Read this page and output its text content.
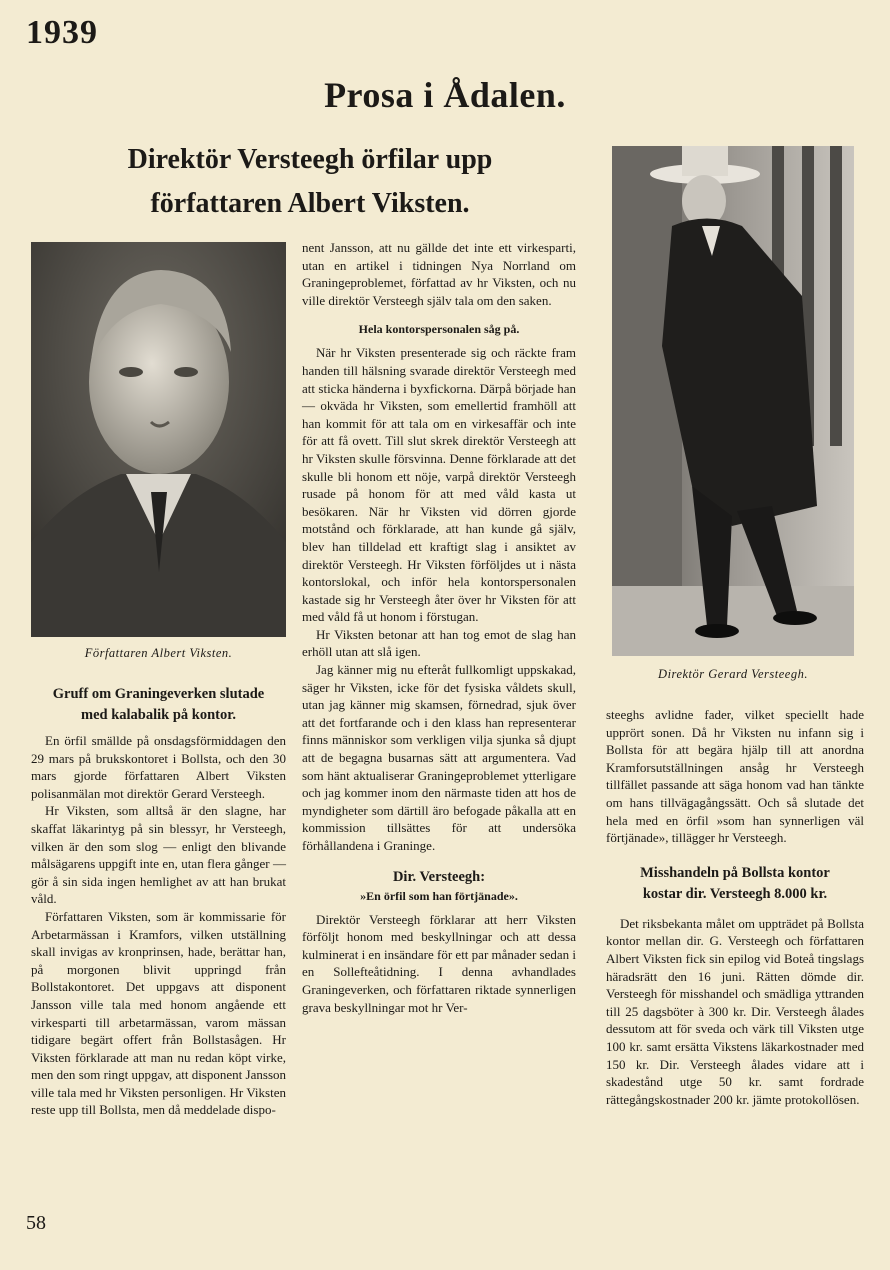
1939
Prosa i Ådalen.
Direktör Versteegh örfilar upp
författaren Albert Viksten.
Författaren Albert Viksten.
Direktör Gerard Versteegh.
Gruff om Graningeverken slutade
med kalabalik på kontor.

En örfil smällde på onsdagsförmiddagen den 29 mars på brukskontoret i Bollsta, och den 30 mars gjorde författaren Albert Viksten polisanmälan mot direktör Gerard Versteegh.

Hr Viksten, som alltså är den slagne, har skaffat läkarintyg på sin blessyr, hr Versteegh, vilken är den som slog — enligt den blivande målsägarens uppgift inte en, utan flera gånger — gör å sin sida ingen hemlighet av att han brukat våld.

Författaren Viksten, som är kommissarie för Arbetarmässan i Kramfors, vilken utställning skall invigas av kronprinsen, hade, berättar han, på morgonen blivit uppringd från Bollstakontoret. Det uppgavs att disponent Jansson ville tala med honom angående ett virkesparti till arbetarmässan, varom mässan tidigare begärt offert från Bollstasågen. Hr Viksten förklarade att man nu redan köpt virke, men den som ringt uppgav, att disponent Jansson ville tala med hr Viksten personligen. Hr Viksten reste upp till Bollsta, men då meddelade dispo-

nent Jansson, att nu gällde det inte ett virkesparti, utan en artikel i tidningen Nya Norrland om Graningeproblemet, författad av hr Viksten, och nu ville direktör Versteegh själv tala om den saken.

Hela kontorspersonalen såg på.

När hr Viksten presenterade sig och räckte fram handen till hälsning svarade direktör Versteegh med att sticka händerna i byxfickorna. Därpå började han — okväda hr Viksten, som emellertid framhöll att han kommit för att tala om en virkesaffär och inte för att få ovett. Till slut skrek direktör Versteegh att hr Viksten skulle försvinna. Denne förklarade att det skulle bli honom ett nöje, varpå direktör Versteegh rusade på honom för att med våld kasta ut besökaren. När hr Viksten vid dörren gjorde motstånd och förklarade, att han kunde gå själv, blev han tilldelad ett kraftigt slag i ansiktet av direktör Versteegh. Hr Viksten förföljdes ut i nästa kontorslokal, och inför hela kontorspersonalen kastade sig hr Versteegh åter över hr Viksten för att med våld få ut honom i förstugan.

Hr Viksten betonar att han tog emot de slag han erhöll utan att slå igen.

Jag känner mig nu efteråt fullkomligt uppskakad, säger hr Viksten, icke för det fysiska våldets skull, utan jag känner mig skamsen, förnedrad, sjuk över att det fortfarande och i den klass han representerar finns människor som verkligen vilja sjunka så djupt att de begagna busarnas sätt att argumentera. Vad som hänt aktualiserar Graningeproblemet ytterligare och jag kommer inom den närmaste tiden att hos de myndigheter som därtill äro befogade påkalla att en kommission tillsättes för att undersöka förhållandena i Graninge.

Dir. Versteegh:
»En örfil som han förtjänade».

Direktör Versteegh förklarar att herr Viksten förföljt honom med beskyllningar och att dessa kulminerat i en insändare för ett par månader sedan i en Sollefteåtidning. I denna avhandlades Graningeverken, och författaren riktade synnerligen grava beskyllningar mot hr Ver-

steeghs avlidne fader, vilket speciellt hade upprört sonen. Då hr Viksten nu infann sig i Bollsta för att begära hjälp till att anordna Kramforsutställningen ansåg hr Versteegh tillfället passande att säga honom vad han tänkte om hans tillvägagångssätt. Och så slutade det hela med en örfil »som han synnerligen väl förtjänade», tillägger hr Versteegh.

Misshandeln på Bollsta kontor
kostar dir. Versteegh 8.000 kr.

Det riksbekanta målet om uppträdet på Bollsta kontor mellan dir. G. Versteegh och författaren Albert Viksten fick sin epilog vid Boteå tingslags häradsrätt den 16 juni. Rätten dömde dir. Versteegh för misshandel och smädliga yttranden till 25 dagsböter à 300 kr. Dir. Versteegh ålades dessutom att för sveda och värk till Viksten utge 100 kr. samt ersätta Vikstens läkarkostnader med 150 kr. Dir. Versteegh ålades vidare att i skadestånd utge 50 kr. samt fordrade rättegångskostnader 200 kr. jämte protokollösen.

58
